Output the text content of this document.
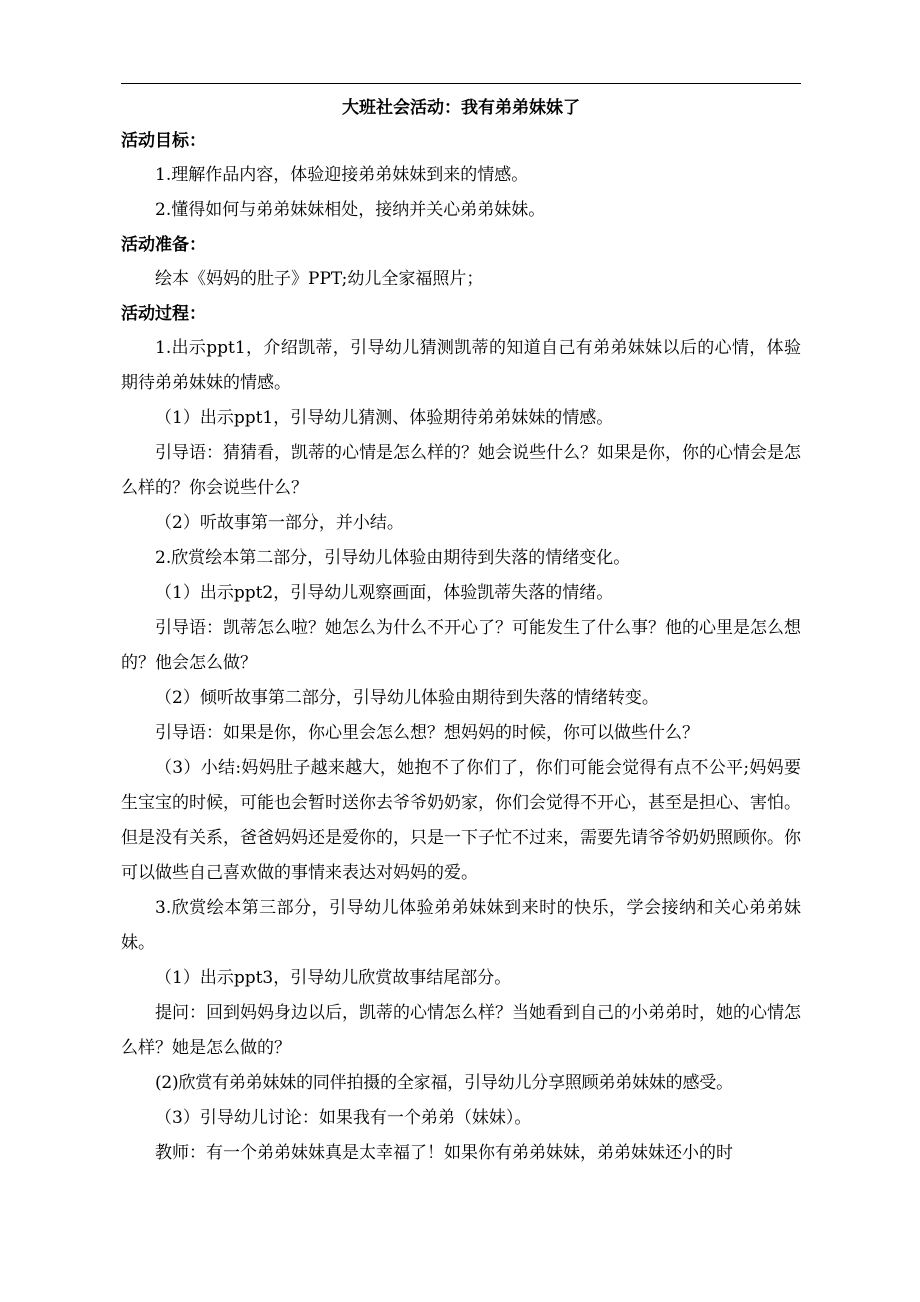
大班社会活动：我有弟弟妹妹了

活动目标：

1.理解作品内容，体验迎接弟弟妹妹到来的情感。

2.懂得如何与弟弟妹妹相处，接纳并关心弟弟妹妹。

活动准备：

绘本《妈妈的肚子》PPT;幼儿全家福照片；

活动过程：

1.出示ppt1，介绍凯蒂，引导幼儿猜测凯蒂的知道自己有弟弟妹妹以后的心情，体验期待弟弟妹妹的情感。

（1）出示ppt1，引导幼儿猜测、体验期待弟弟妹妹的情感。

引导语：猜猜看，凯蒂的心情是怎么样的？她会说些什么？如果是你，你的心情会是怎么样的？你会说些什么？

（2）听故事第一部分，并小结。

2.欣赏绘本第二部分，引导幼儿体验由期待到失落的情绪变化。

（1）出示ppt2，引导幼儿观察画面，体验凯蒂失落的情绪。

引导语：凯蒂怎么啦？她怎么为什么不开心了？可能发生了什么事？他的心里是怎么想的？他会怎么做？

（2）倾听故事第二部分，引导幼儿体验由期待到失落的情绪转变。

引导语：如果是你，你心里会怎么想？想妈妈的时候，你可以做些什么？

（3）小结:妈妈肚子越来越大，她抱不了你们了，你们可能会觉得有点不公平;妈妈要生宝宝的时候，可能也会暂时送你去爷爷奶奶家，你们会觉得不开心，甚至是担心、害怕。但是没有关系，爸爸妈妈还是爱你的，只是一下子忙不过来，需要先请爷爷奶奶照顾你。你可以做些自己喜欢做的事情来表达对妈妈的爱。

3.欣赏绘本第三部分，引导幼儿体验弟弟妹妹到来时的快乐，学会接纳和关心弟弟妹妹。

（1）出示ppt3，引导幼儿欣赏故事结尾部分。

提问：回到妈妈身边以后，凯蒂的心情怎么样？当她看到自己的小弟弟时，她的心情怎么样？她是怎么做的？

(2)欣赏有弟弟妹妹的同伴拍摄的全家福，引导幼儿分享照顾弟弟妹妹的感受。

（3）引导幼儿讨论：如果我有一个弟弟（妹妹）。

教师：有一个弟弟妹妹真是太幸福了！如果你有弟弟妹妹，弟弟妹妹还小的时
